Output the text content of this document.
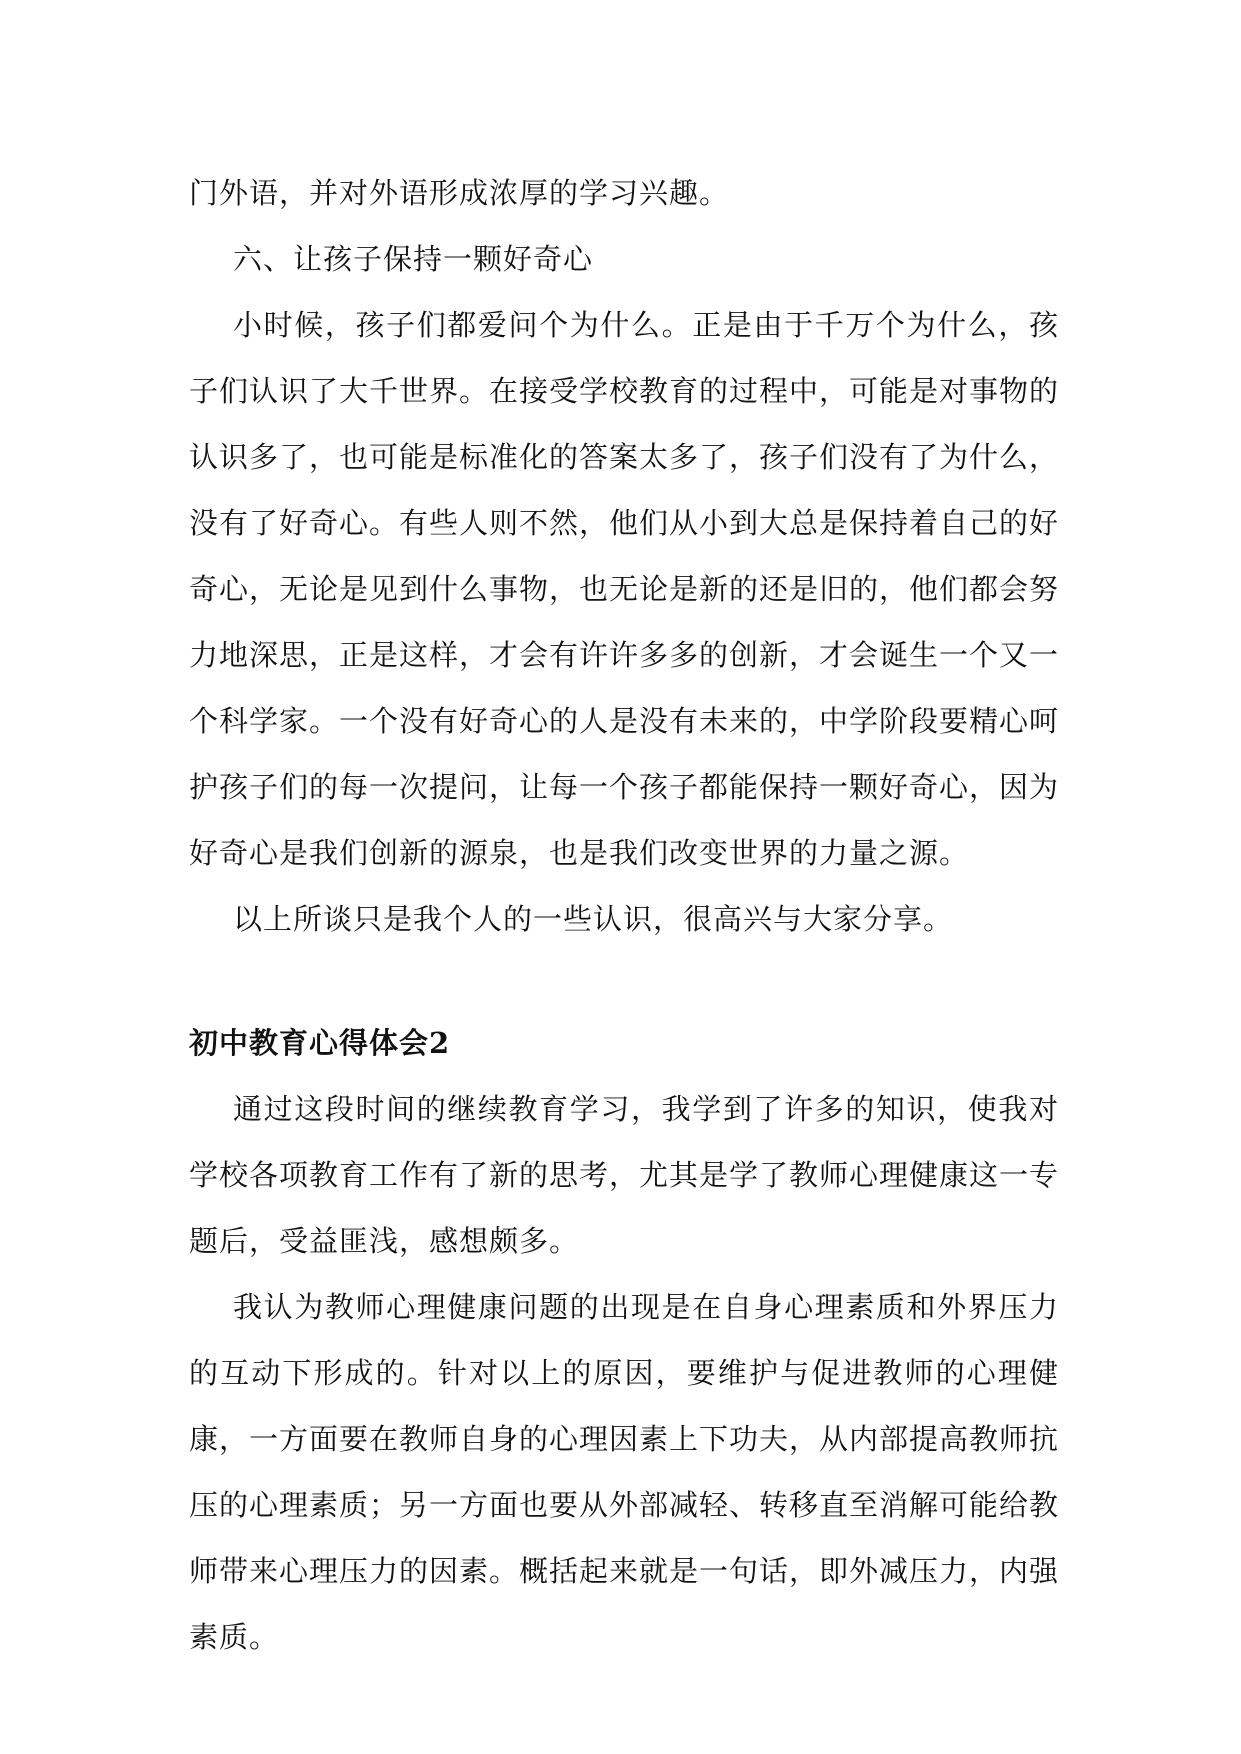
门外语，并对外语形成浓厚的学习兴趣。

六、让孩子保持一颗好奇心

小时候，孩子们都爱问个为什么。正是由于千万个为什么，孩子们认识了大千世界。在接受学校教育的过程中，可能是对事物的认识多了，也可能是标准化的答案太多了，孩子们没有了为什么，没有了好奇心。有些人则不然，他们从小到大总是保持着自己的好奇心，无论是见到什么事物，也无论是新的还是旧的，他们都会努力地深思，正是这样，才会有许许多多的创新，才会诞生一个又一个科学家。一个没有好奇心的人是没有未来的，中学阶段要精心呵护孩子们的每一次提问，让每一个孩子都能保持一颗好奇心，因为好奇心是我们创新的源泉，也是我们改变世界的力量之源。

以上所谈只是我个人的一些认识，很高兴与大家分享。

初中教育心得体会2

通过这段时间的继续教育学习，我学到了许多的知识，使我对学校各项教育工作有了新的思考，尤其是学了教师心理健康这一专题后，受益匪浅，感想颇多。

我认为教师心理健康问题的出现是在自身心理素质和外界压力的互动下形成的。针对以上的原因，要维护与促进教师的心理健康，一方面要在教师自身的心理因素上下功夫，从内部提高教师抗压的心理素质；另一方面也要从外部减轻、转移直至消解可能给教师带来心理压力的因素。概括起来就是一句话，即外减压力，内强素质。
